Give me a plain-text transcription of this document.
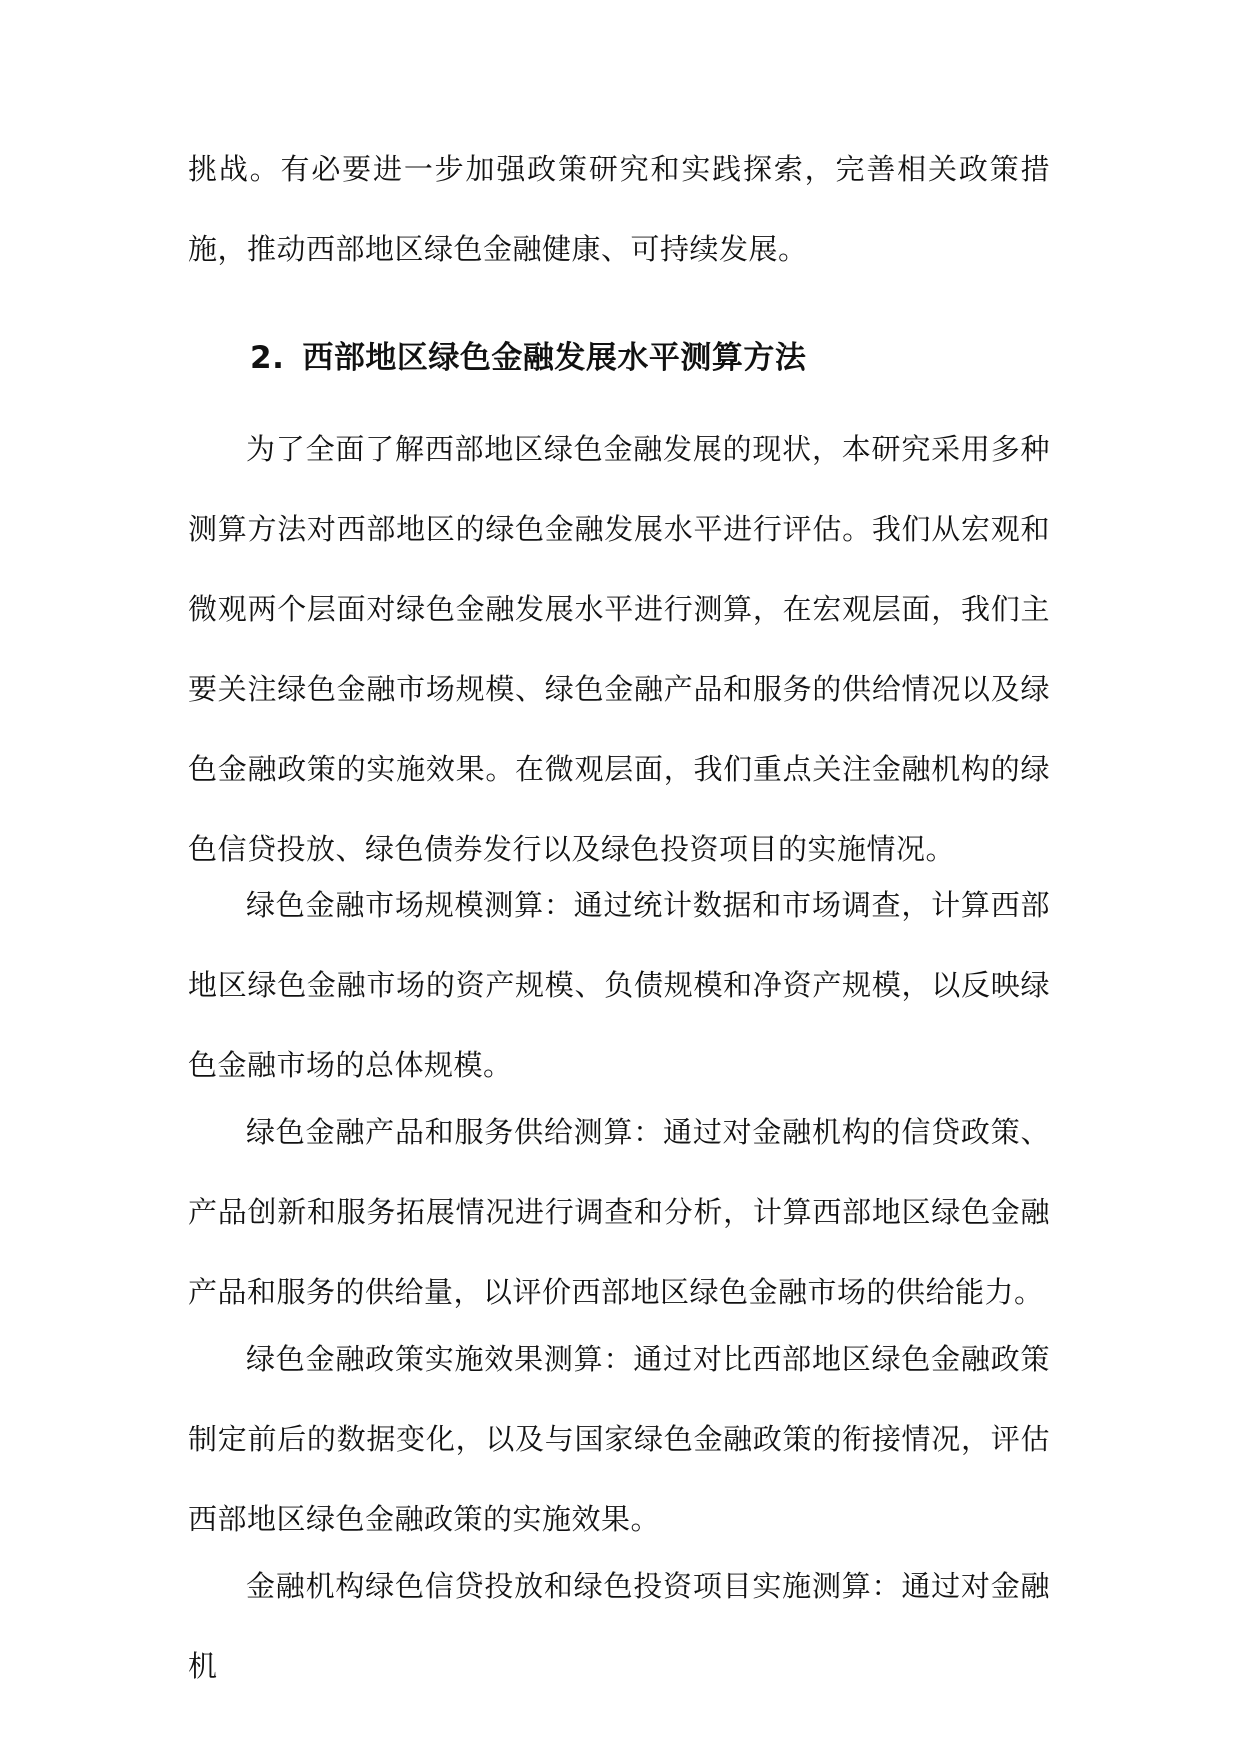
挑战。有必要进一步加强政策研究和实践探索，完善相关政策措施，推动西部地区绿色金融健康、可持续发展。

2. 西部地区绿色金融发展水平测算方法

为了全面了解西部地区绿色金融发展的现状，本研究采用多种测算方法对西部地区的绿色金融发展水平进行评估。我们从宏观和微观两个层面对绿色金融发展水平进行测算，在宏观层面，我们主要关注绿色金融市场规模、绿色金融产品和服务的供给情况以及绿色金融政策的实施效果。在微观层面，我们重点关注金融机构的绿色信贷投放、绿色债券发行以及绿色投资项目的实施情况。

绿色金融市场规模测算：通过统计数据和市场调查，计算西部地区绿色金融市场的资产规模、负债规模和净资产规模，以反映绿色金融市场的总体规模。

绿色金融产品和服务供给测算：通过对金融机构的信贷政策、产品创新和服务拓展情况进行调查和分析，计算西部地区绿色金融产品和服务的供给量，以评价西部地区绿色金融市场的供给能力。

绿色金融政策实施效果测算：通过对比西部地区绿色金融政策制定前后的数据变化，以及与国家绿色金融政策的衔接情况，评估西部地区绿色金融政策的实施效果。

金融机构绿色信贷投放和绿色投资项目实施测算：通过对金融机
